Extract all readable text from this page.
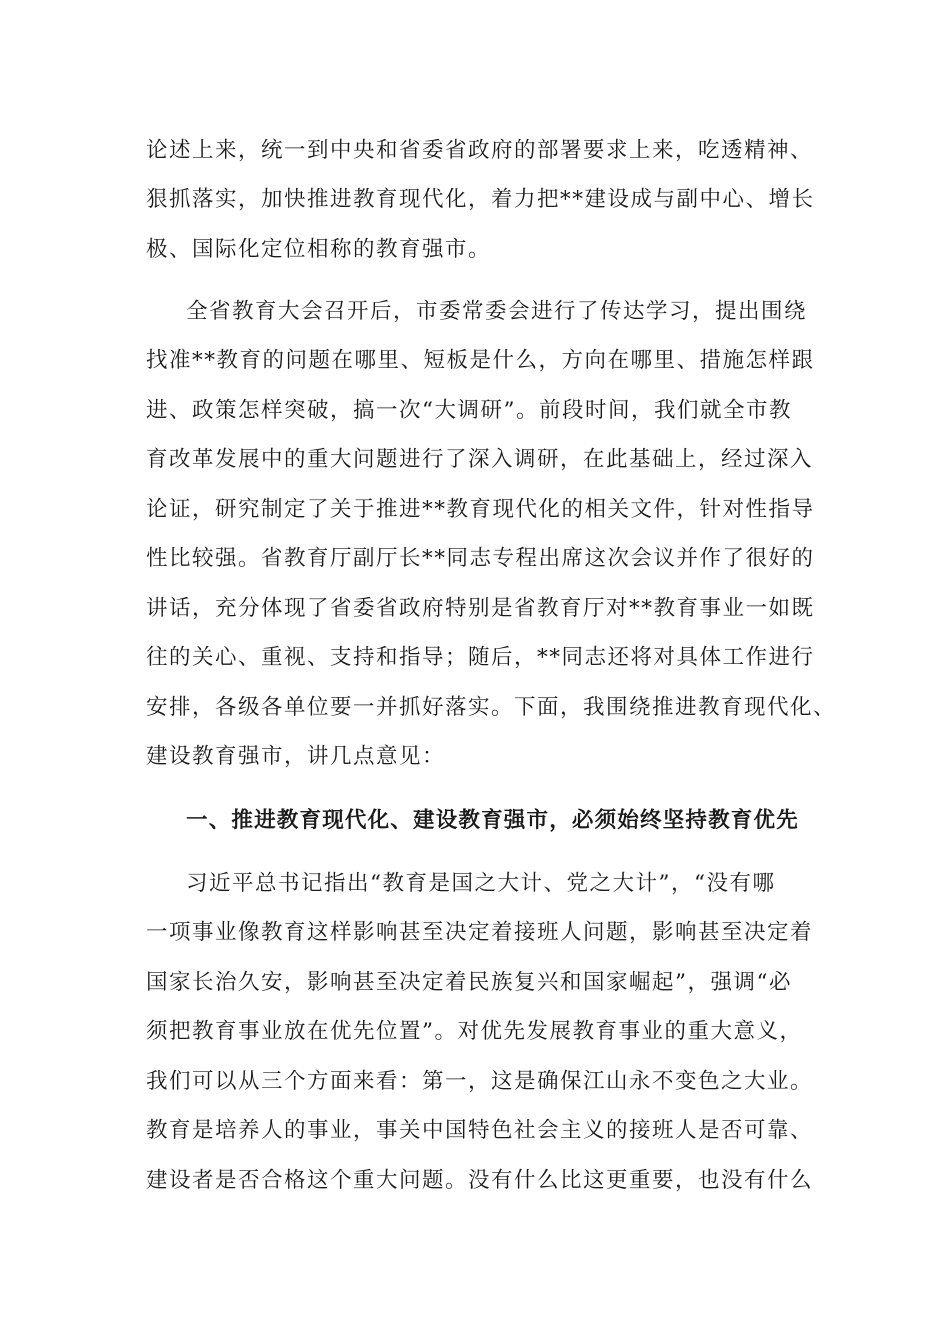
论述上来，统一到中央和省委省政府的部署要求上来，吃透精神、
狠抓落实，加快推进教育现代化，着力把**建设成与副中心、增长
极、国际化定位相称的教育强市。
全省教育大会召开后，市委常委会进行了传达学习，提出围绕
找准**教育的问题在哪里、短板是什么，方向在哪里、措施怎样跟
进、政策怎样突破，搞一次“大调研”。前段时间，我们就全市教
育改革发展中的重大问题进行了深入调研，在此基础上，经过深入
论证，研究制定了关于推进**教育现代化的相关文件，针对性指导
性比较强。省教育厅副厅长**同志专程出席这次会议并作了很好的
讲话，充分体现了省委省政府特别是省教育厅对**教育事业一如既
往的关心、重视、支持和指导；随后，**同志还将对具体工作进行
安排，各级各单位要一并抓好落实。下面，我围绕推进教育现代化、
建设教育强市，讲几点意见：
一、推进教育现代化、建设教育强市，必须始终坚持教育优先
习近平总书记指出“教育是国之大计、党之大计”，“没有哪
一项事业像教育这样影响甚至决定着接班人问题，影响甚至决定着
国家长治久安，影响甚至决定着民族复兴和国家崛起”，强调“必
须把教育事业放在优先位置”。对优先发展教育事业的重大意义，
我们可以从三个方面来看：第一，这是确保江山永不变色之大业。
教育是培养人的事业，事关中国特色社会主义的接班人是否可靠、
建设者是否合格这个重大问题。没有什么比这更重要，也没有什么
